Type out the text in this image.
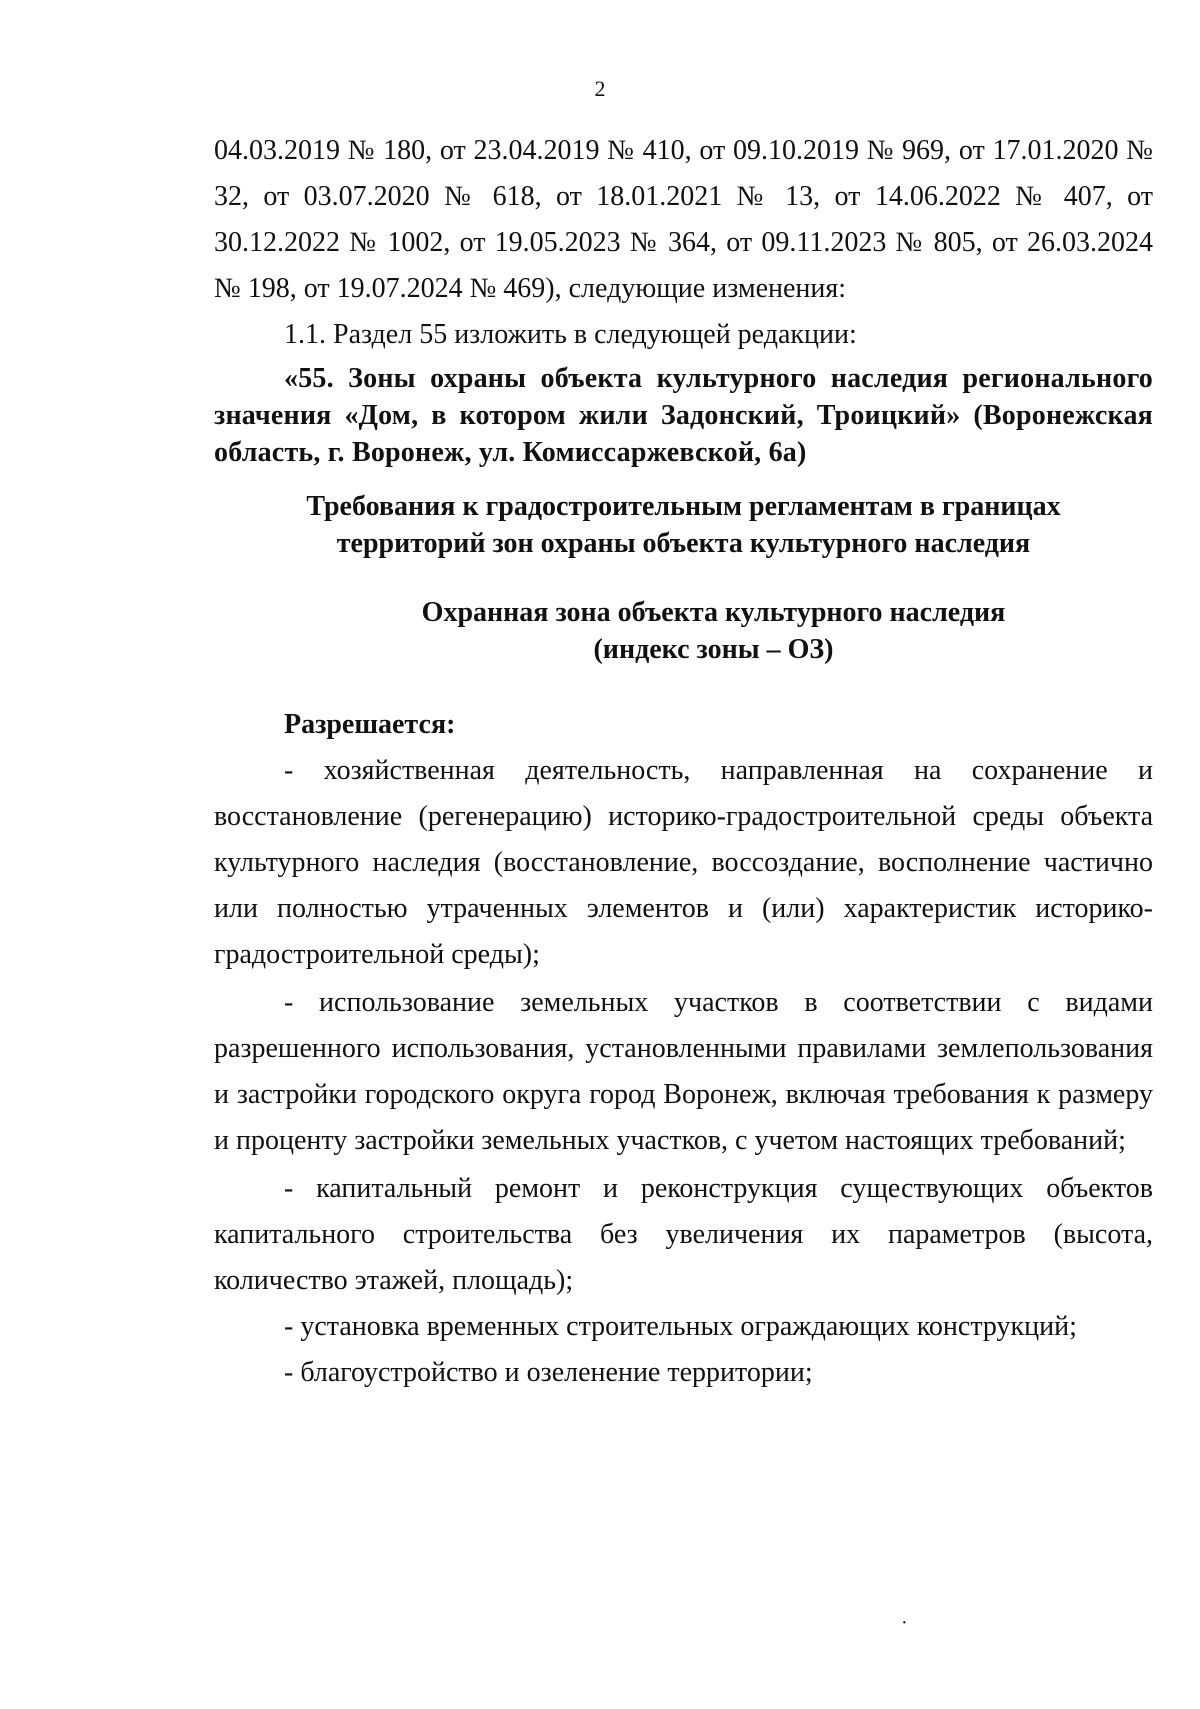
2

04.03.2019 № 180, от 23.04.2019 № 410, от 09.10.2019 № 969, от 17.01.2020 № 32, от 03.07.2020 № 618, от 18.01.2021 № 13, от 14.06.2022 № 407, от 30.12.2022 № 1002, от 19.05.2023 № 364, от 09.11.2023 № 805, от 26.03.2024 № 198, от 19.07.2024 № 469), следующие изменения:

1.1. Раздел 55 изложить в следующей редакции:

«55. Зоны охраны объекта культурного наследия регионального значения «Дом, в котором жили Задонский, Троицкий» (Воронежская область, г. Воронеж, ул. Комиссаржевской, 6а)

Требования к градостроительным регламентам в границах

территорий зон охраны объекта культурного наследия

Охранная зона объекта культурного наследия

(индекс зоны – ОЗ)

Разрешается:

- хозяйственная деятельность, направленная на сохранение и восстановление (регенерацию) историко-градостроительной среды объекта культурного наследия (восстановление, воссоздание, восполнение частично или полностью утраченных элементов и (или) характеристик историко-градостроительной среды);

- использование земельных участков в соответствии с видами разрешенного использования, установленными правилами землепользования и застройки городского округа город Воронеж, включая требования к размеру и проценту застройки земельных участков, с учетом настоящих требований;

- капитальный ремонт и реконструкция существующих объектов капитального строительства без увеличения их параметров (высота, количество этажей, площадь);

- установка временных строительных ограждающих конструкций;

- благоустройство и озеленение территории;

·
